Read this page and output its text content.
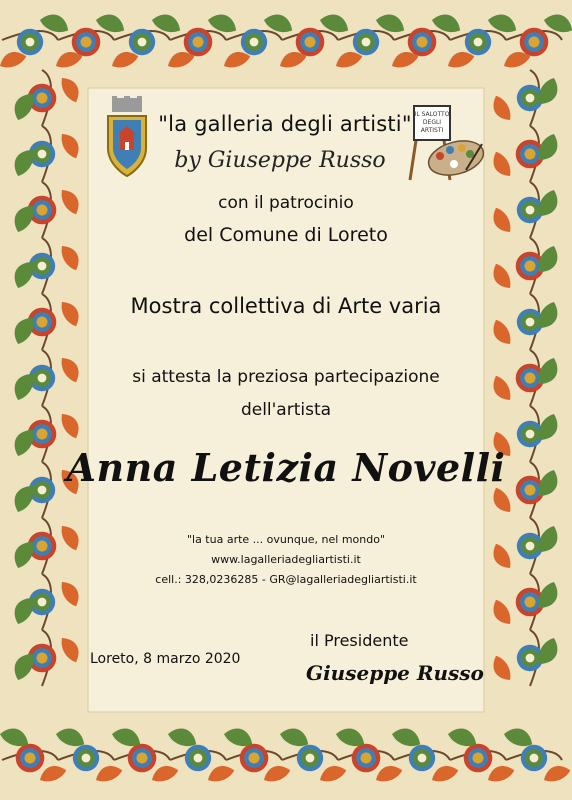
IL SALOTTO
DEGLI
ARTISTI
"la galleria degli artisti"
by Giuseppe Russo
con il patrocinio
del Comune di Loreto
Mostra collettiva di Arte varia
si attesta la preziosa partecipazione
dell'artista
Anna Letizia Novelli
"la tua arte ... ovunque, nel mondo"
www.lagalleriadegliartisti.it
cell.: 328,0236285 - GR@lagalleriadegliartisti.it
Loreto, 8 marzo 2020
il Presidente
Giuseppe Russo
